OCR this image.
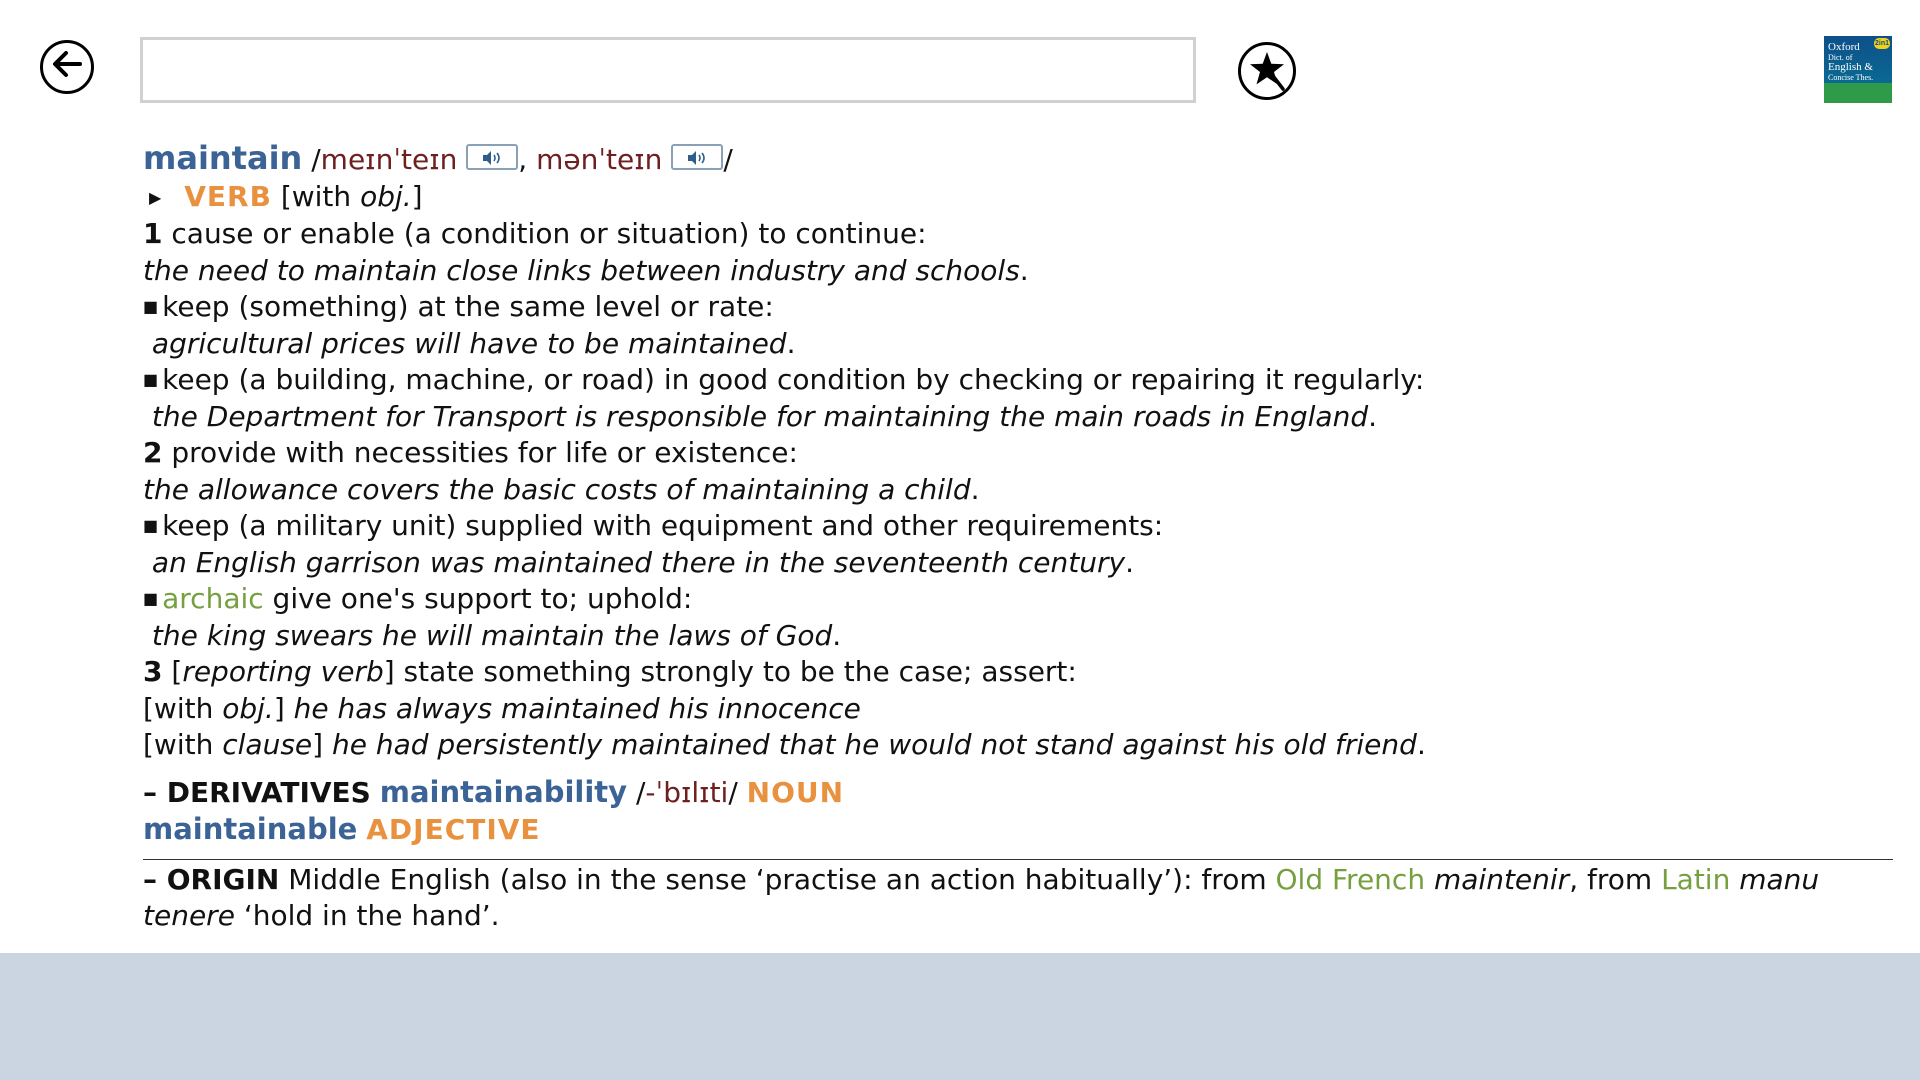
2in1
Oxford

Dict. of
English &
Concise Thes.
maintain /meɪnˈteɪn , mənˈteɪn /
▶ VERB [with obj.]
1 cause or enable (a condition or situation) to continue:
the need to maintain close links between industry and schools.
■ keep (something) at the same level or rate:
agricultural prices will have to be maintained.
■ keep (a building, machine, or road) in good condition by checking or repairing it regularly:
the Department for Transport is responsible for maintaining the main roads in England.
2 provide with necessities for life or existence:
the allowance covers the basic costs of maintaining a child.
■ keep (a military unit) supplied with equipment and other requirements:
an English garrison was maintained there in the seventeenth century.
■ archaic give one's support to; uphold:
the king swears he will maintain the laws of God.
3 [reporting verb] state something strongly to be the case; assert:
[with obj.] he has always maintained his innocence
[with clause] he had persistently maintained that he would not stand against his old friend.
– DERIVATIVES maintainability /-ˈbɪlɪti/ NOUN
maintainable ADJECTIVE
– ORIGIN Middle English (also in the sense ‘practise an action habitually’): from Old French maintenir, from Latin manu tenere ‘hold in the hand’.
